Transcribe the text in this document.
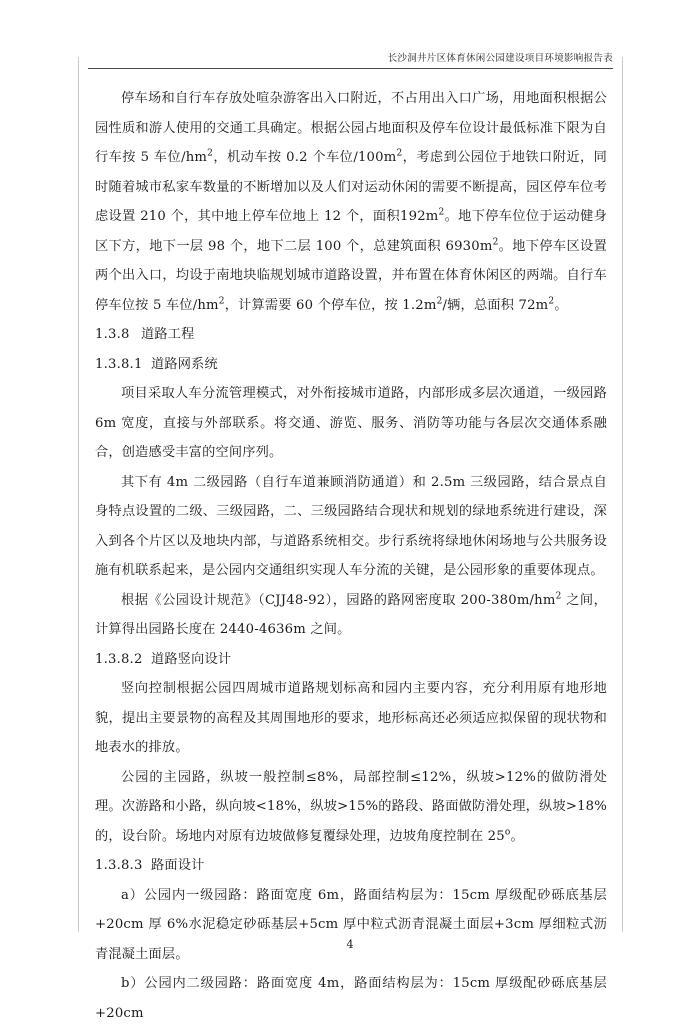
长沙洞井片区体育休闲公园建设项目环境影响报告表

停车场和自行车存放处喧杂游客出入口附近，不占用出入口广场，用地面积根据公园性质和游人使用的交通工具确定。根据公园占地面积及停车位设计最低标准下限为自行车按 5 车位$/hm^2$，机动车按 0.2 个车位$/100m^2$，考虑到公园位于地铁口附近，同时随着城市私家车数量的不断增加以及人们对运动休闲的需要不断提高，园区停车位考虑设置 210 个，其中地上停车位地上 12 个，面积$192m^2$。地下停车位位于运动健身区下方，地下一层 98 个，地下二层 100 个，总建筑面积 $6930m^2$。地下停车区设置两个出入口，均设于南地块临规划城市道路设置，并布置在体育休闲区的两端。自行车停车位按 5 车位$/hm^2$，计算需要 60 个停车位，按 $1.2m^2/$辆，总面积 $72m^2$。

1.3.8 道路工程
1.3.8.1 道路网系统

项目采取人车分流管理模式，对外衔接城市道路，内部形成多层次通道，一级园路 6m 宽度，直接与外部联系。将交通、游览、服务、消防等功能与各层次交通体系融合，创造感受丰富的空间序列。

其下有 4m 二级园路（自行车道兼顾消防通道）和 2.5m 三级园路，结合景点自身特点设置的二级、三级园路，二、三级园路结合现状和规划的绿地系统进行建设，深入到各个片区以及地块内部，与道路系统相交。步行系统将绿地休闲场地与公共服务设施有机联系起来，是公园内交通组织实现人车分流的关键，是公园形象的重要体现点。

根据《公园设计规范》（CJJ48-92），园路的路网密度取 $200-380m/hm^2$ 之间，计算得出园路长度在 2440-4636m 之间。

1.3.8.2 道路竖向设计

竖向控制根据公园四周城市道路规划标高和园内主要内容，充分利用原有地形地貌，提出主要景物的高程及其周围地形的要求，地形标高还必须适应拟保留的现状物和地表水的排放。

公园的主园路，纵坡一般控制≤8%，局部控制≤12%，纵坡>12%的做防滑处理。次游路和小路，纵向坡<18%，纵坡>15%的路段、路面做防滑处理，纵坡>18%的，设台阶。场地内对原有边坡做修复覆绿处理，边坡角度控制在 25$^o$。

1.3.8.3 路面设计

a）公园内一级园路：路面宽度 6m，路面结构层为：15cm 厚级配砂砾底基层+20cm 厚 6%水泥稳定砂砾基层+5cm 厚中粒式沥青混凝土面层+3cm 厚细粒式沥青混凝土面层。

b）公园内二级园路：路面宽度 4m，路面结构层为：15cm 厚级配砂砾底基层+20cm

4
